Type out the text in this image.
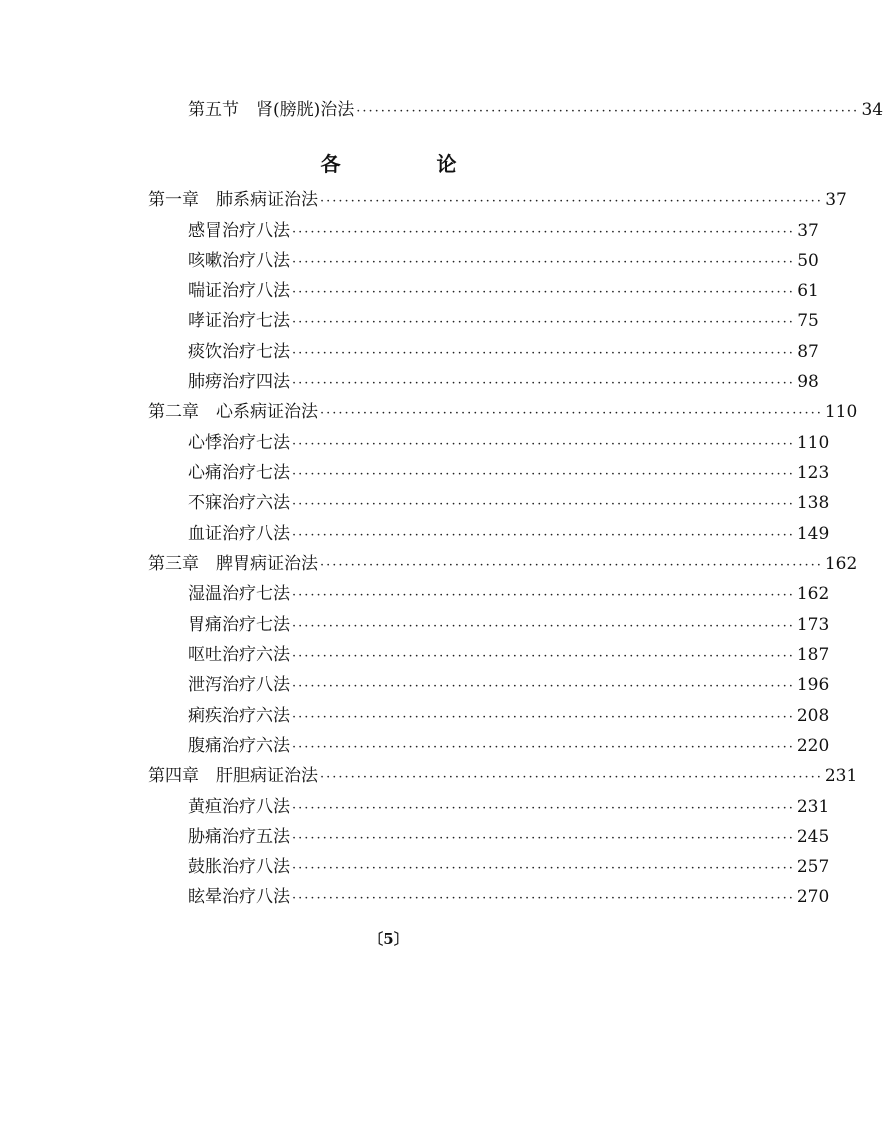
第五节　肾(膀胱)治法 ·················································································· 34
各　论
第一章　肺系病证治法 ·················································································· 37
感冒治疗八法 ·················································································· 37
咳嗽治疗八法 ·················································································· 50
喘证治疗八法 ·················································································· 61
哮证治疗七法 ·················································································· 75
痰饮治疗七法 ·················································································· 87
肺痨治疗四法 ·················································································· 98
第二章　心系病证治法 ·················································································· 110
心悸治疗七法 ·················································································· 110
心痛治疗七法 ·················································································· 123
不寐治疗六法 ·················································································· 138
血证治疗八法 ·················································································· 149
第三章　脾胃病证治法 ·················································································· 162
湿温治疗七法 ·················································································· 162
胃痛治疗七法 ·················································································· 173
呕吐治疗六法 ·················································································· 187
泄泻治疗八法 ·················································································· 196
痢疾治疗六法 ·················································································· 208
腹痛治疗六法 ·················································································· 220
第四章　肝胆病证治法 ·················································································· 231
黄疸治疗八法 ·················································································· 231
胁痛治疗五法 ·················································································· 245
鼓胀治疗八法 ·················································································· 257
眩晕治疗八法 ·················································································· 270
〔5〕
